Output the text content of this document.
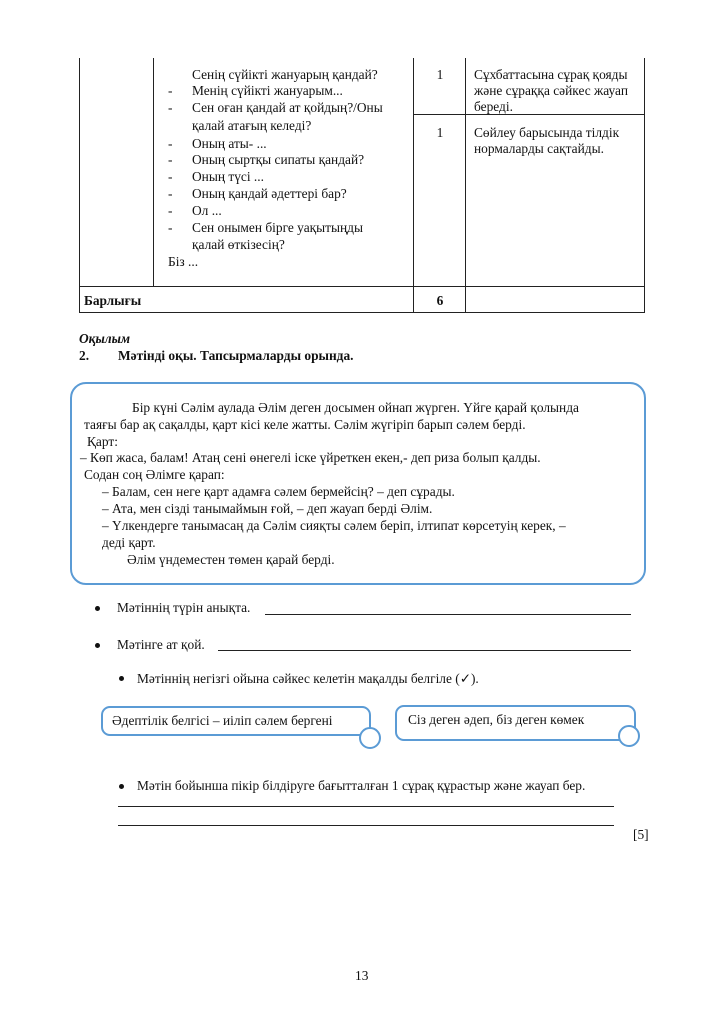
Сенің сүйікті жануарың қандай?
- Менің сүйікті жануарым...
- Сен оған қандай ат қойдың?/Оны
қалай атағың келеді?
- Оның аты- ...
- Оның сыртқы сипаты қандай?
- Оның түсі ...
- Оның қандай әдеттері бар?
- Ол ...
- Сен онымен бірге уақытыңды
қалай өткізесің?
Біз ...
1	Сұхбаттасына сұрақ қояды және сұраққа сәйкес жауап береді.
1	Сөйлеу барысында тілдік нормаларды сақтайды.
Барлығы	6
Оқылым
2. Мәтінді оқы. Тапсырмаларды орында.
Бір күні Сәлім аулада Әлім деген досымен ойнап жүрген. Үйге қарай қолында
таяғы бар ақ сақалды, қарт кісі келе жатты. Сәлім жүгіріп барып сәлем берді.
Қарт:
– Көп жаса, балам! Атаң сені өнегелі іске үйреткен екен,- деп риза болып қалды.
Содан соң Әлімге қарап:
– Балам, сен неге қарт адамға сәлем бермейсің? – деп сұрады.
– Ата, мен сізді танымаймын ғой, – деп жауап берді Әлім.
– Үлкендерге танымасаң да Сәлім сияқты сәлем беріп, ілтипат көрсетуің керек, –
деді қарт.
Әлім үндеместен төмен қарай берді.
Мәтіннің түрін анықта.
Мәтінге ат қой.
Мәтіннің негізгі ойына сәйкес келетін мақалды белгіле (✓).
Әдептілік белгісі – иіліп сәлем бергені	Сіз деген әдеп, біз деген көмек
Мәтін бойынша пікір білдіруге бағытталған 1 сұрақ құрастыр және жауап бер.
[5]
13
